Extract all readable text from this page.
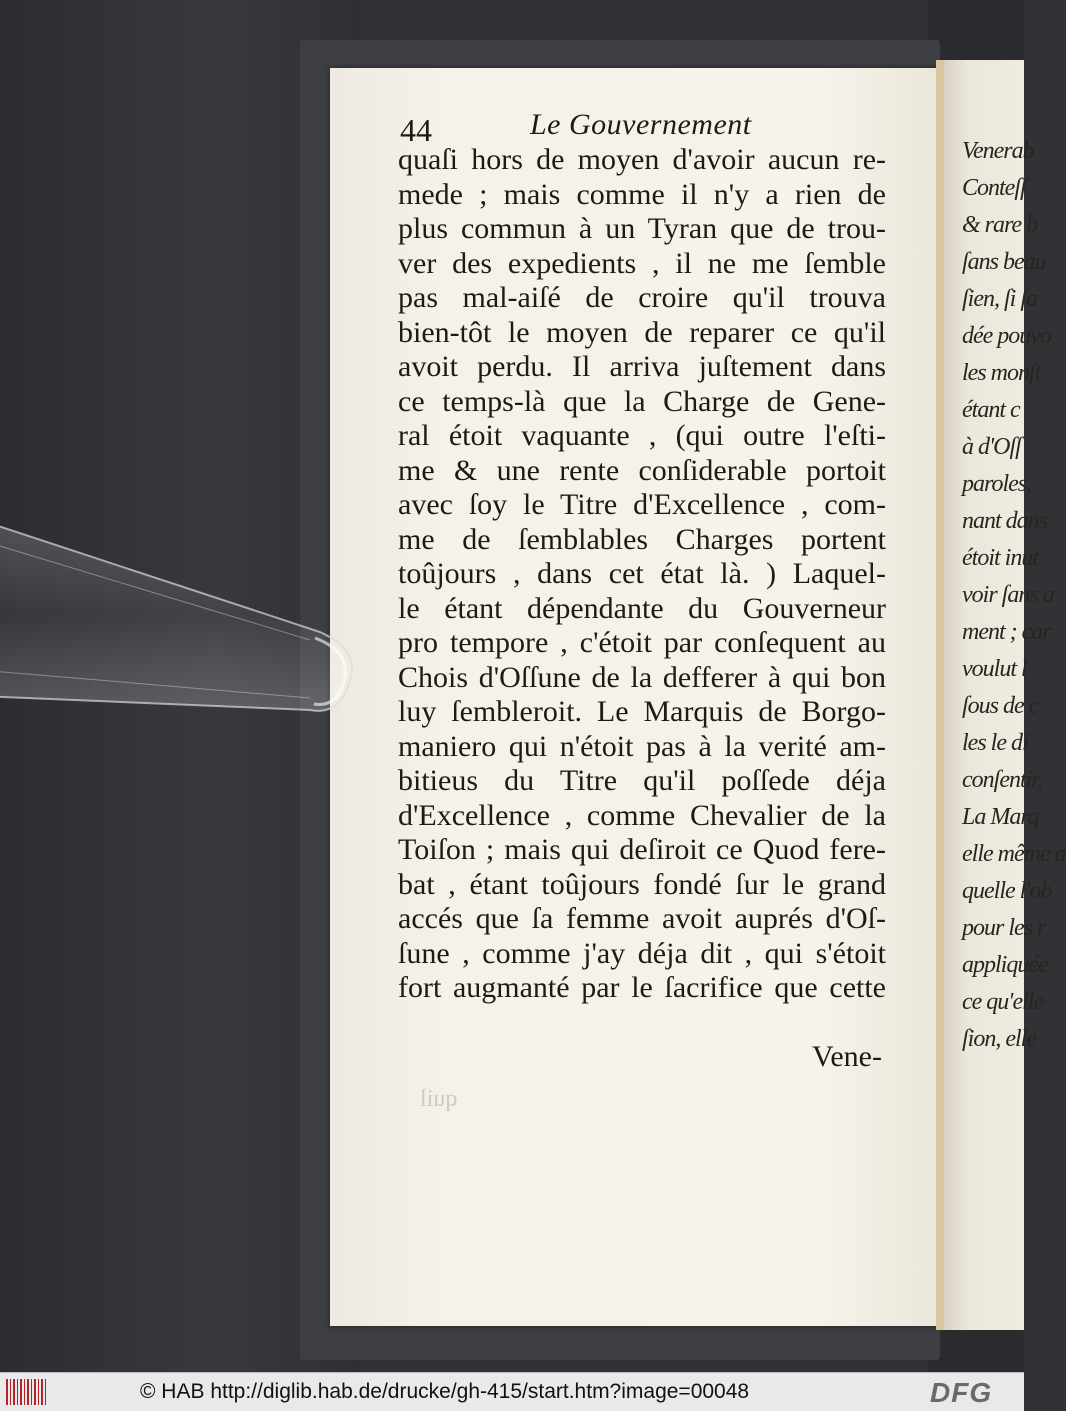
Venerab
Conteſſ
& rare b
ſans beau
ſien, ſi ſa
dée pouvo
les monſt
étant c
à d'Oſſ
paroles,
nant dans
étoit inut
voir ſans a
ment ; car
voulut l
ſous de c
les le di
conſentir,
La Marq
elle même a
quelle l'ob
pour les r
appliquée
ce qu'elle
ſion, elle
44	Le Gouvernement
quaſi hors de moyen d'avoir aucun re-
mede ; mais comme il n'y a rien de
plus commun à un Tyran que de trou-
ver des expedients , il ne me ſemble
pas mal-aiſé de croire qu'il trouva
bien-tôt le moyen de reparer ce qu'il
avoit perdu. Il arriva juſtement dans
ce temps-là que la Charge de Gene-
ral étoit vaquante , (qui outre l'eſti-
me & une rente conſiderable portoit
avec ſoy le Titre d'Excellence , com-
me de ſemblables Charges portent
toûjours , dans cet état là. ) Laquel-
le étant dépendante du Gouverneur
pro tempore , c'étoit par conſequent au
Chois d'Oſſune de la defferer à qui bon
luy ſembleroit. Le Marquis de Borgo-
maniero qui n'étoit pas à la verité am-
bitieus du Titre qu'il poſſede déja
d'Excellence , comme Chevalier de la
Toiſon ; mais qui deſiroit ce Quod fere-
bat , étant toûjours fondé ſur le grand
accés que ſa femme avoit auprés d'Oſ-
ſune , comme j'ay déja dit , qui s'étoit
fort augmanté par le ſacrifice que cette
Vene-
quil
© HAB http://diglib.hab.de/drucke/gh-415/start.htm?image=00048	DFG
